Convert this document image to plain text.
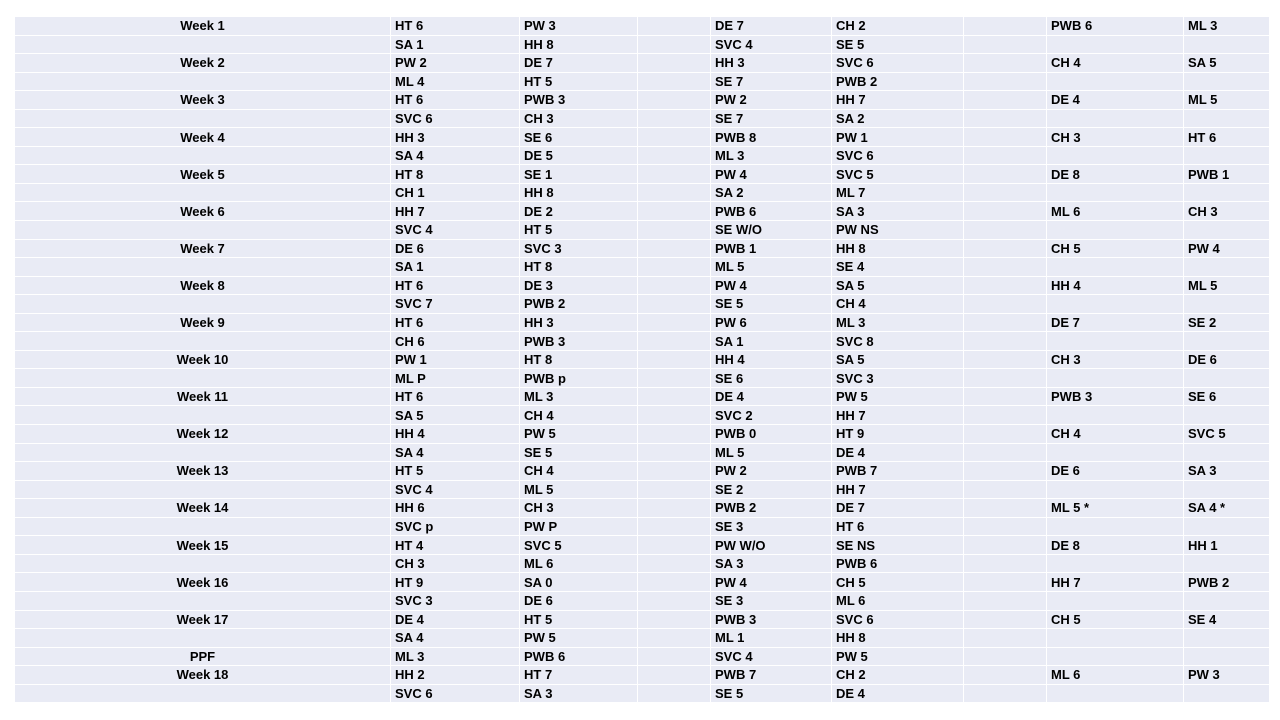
Week 1	HT 6	PW 3		DE 7	CH 2		PWB 6	ML 3
	SA 1	HH 8		SVC 4	SE 5			
Week 2	PW 2	DE 7		HH 3	SVC 6		CH 4	SA 5
	ML 4	HT 5		SE 7	PWB 2			
Week 3	HT 6	PWB 3		PW 2	HH 7		DE 4	ML 5
	SVC 6	CH 3		SE 7	SA 2			
Week 4	HH 3	SE 6		PWB 8	PW 1		CH 3	HT 6
	SA 4	DE 5		ML 3	SVC 6			
Week 5	HT 8	SE 1		PW 4	SVC 5		DE 8	PWB 1
	CH 1	HH 8		SA 2	ML 7			
Week 6	HH 7	DE 2		PWB 6	SA 3		ML 6	CH 3
	SVC 4	HT 5		SE W/O	PW NS			
Week 7	DE 6	SVC 3		PWB 1	HH 8		CH 5	PW 4
	SA 1	HT 8		ML 5	SE 4			
Week 8	HT 6	DE 3		PW 4	SA 5		HH 4	ML 5
	SVC 7	PWB 2		SE 5	CH 4			
Week 9	HT 6	HH 3		PW 6	ML 3		DE 7	SE 2
	CH 6	PWB 3		SA 1	SVC 8			
Week 10	PW 1	HT 8		HH 4	SA 5		CH 3	DE 6
	ML P	PWB p		SE 6	SVC 3			
Week 11	HT 6	ML 3		DE 4	PW 5		PWB 3	SE 6
	SA 5	CH 4		SVC 2	HH 7			
Week 12	HH 4	PW 5		PWB 0	HT 9		CH 4	SVC 5
	SA 4	SE 5		ML 5	DE 4			
Week 13	HT 5	CH 4		PW 2	PWB 7		DE 6	SA 3
	SVC 4	ML 5		SE 2	HH 7			
Week 14	HH 6	CH 3		PWB 2	DE 7		ML 5 *	SA 4 *
	SVC p	PW P		SE 3	HT 6			
Week 15	HT 4	SVC 5		PW W/O	SE NS		DE 8	HH 1
	CH 3	ML 6		SA 3	PWB 6			
Week 16	HT 9	SA 0		PW 4	CH 5		HH 7	PWB 2
	SVC 3	DE 6		SE 3	ML 6			
Week 17	DE 4	HT 5		PWB 3	SVC 6		CH 5	SE 4
	SA 4	PW 5		ML 1	HH 8			
PPF	ML 3	PWB 6		SVC 4	PW 5			
Week 18	HH 2	HT 7		PWB 7	CH 2		ML 6	PW 3
	SVC 6	SA 3		SE 5	DE 4			
